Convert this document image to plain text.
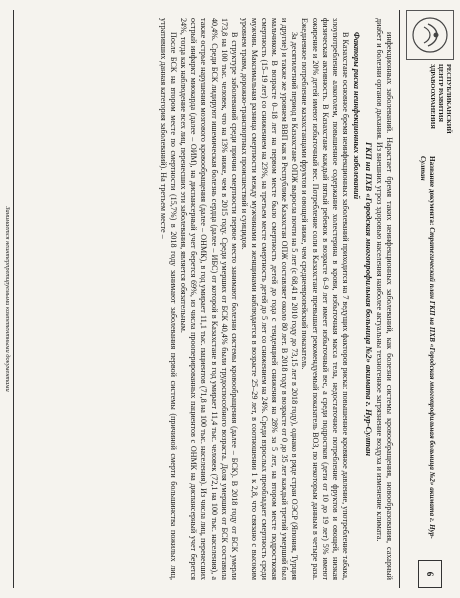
РЕСПУБЛИКАНСКИЙ ЦЕНТР РАЗВИТИЯ ЗДРАВООХРАНЕНИЯ
Название документа: Стратегический план ГКП на ПХВ «Городская многопрофильная больница №2» акимата г. Нур-Султан
6

инфекционных заболеваний. Нарастает бремя таких неинфекционных заболеваний, как болезни системы кровообращения, новообразования, сахарный диабет и болезни органов дыхания. Из внешних угроз здоровью населения наиболее актуальны техногенное загрязнение воздуха и изменение климата.

ГКП на ПХВ «Городская многопрофильная больница №2» акимата г. Нур-Султан
Факторы риска неинфекционных заболеваний

В Казахстане основное бремя неинфекционных заболеваний приходится на 7 ведущих факторов риска: повышенное кровяное давление, употребление табака, злоупотребление алкоголем, повышенное содержание холестерина в крови, избыточная масса тела, недостаточное потребление фруктов и овощей, низкая физическая активность. В Казахстане каждый пятый ребенок в возрасте 6–9 лет имеет избыточный вес, а среди подростков (дети от 10 до 19 лет) 5% имеют ожирение и 20% детей имеют избыточный вес. Потребление соли в Казахстане превышает рекомендуемый показатель ВОЗ, по некоторым данным в четыре раза. Ежедневное потребление казахстанцами фруктов и овощей ниже, чем среднеевропейский показатель.

За десятилетний период в Казахстане ОПЖ выросла почти на 5 лет (с 68,41 в 2010 году до 73,15 лет в 2018 году), однако в ряде стран ОЭСР (Япония, Турция и другие) и также же уровнем ВВП как в Республике Казахстан ОПЖ составляет около 80 лет. В 2018 году в возрасте от 0 до 35 лет каждый третий умерший был мальчиком. В возрасте 0–18 лет на первом месте было смертность детей до года с тенденцией снижения на 28% за 5 лет, на втором месте подростковая смертность (15–19 лет) со снижением на 23%, на третьем месте смертность детей до 5 лет со снижением на 24%. Среди взрослых преобладает смертность среди мужчин. Максимальная разница смертности между мужчинами и женщинами наблюдается в возрасте 25–29 лет, в соотношении 1 к 2,8, что связано с высоким уровнем травм, дорожно-транспортных происшествий и суицидов.

В структуре заболеваний среди причин смертности первое место занимают болезни системы кровообращения (далее – БСК). В 2018 году от БСК умерли 173,8 на 100 тыс. человек, что на 13% ниже, чем в 2015 году. Среди умерших от БСК 40,4% были трудоспособного возраста. Доля умерших от БСК составила 40,4%. Среди БСК лидируют ишемическая болезнь сердца (далее – ИБС) от которой в Казахстане в год умирает 11,4 тыс. человек (72,1 на 100 тыс. населения), а также острые нарушения мозгового кровообращения (далее – ОНМК), в год умирает 11,1 тыс. пациентов (71,8 на 100 тыс. населения). Из числа лиц, перенесших острый инфаркт миокарда (далее – ОИМ), на диспансерный учет берется 69%, из числа прооперированных пациентов с ОНМК на диспансерный учет берется 24%, тогда как наблюдение всех лиц, перенесших эти заболевания, является обязательным.

После БСК на втором месте по смертности (15,7%) в 2018 году занимают заболевания первой системы (причиной смерти большинства пожилых лиц, утративших данная категория заболеваний). На третьем месте –

Занимается неинтерпретируемыми компетентными документами
